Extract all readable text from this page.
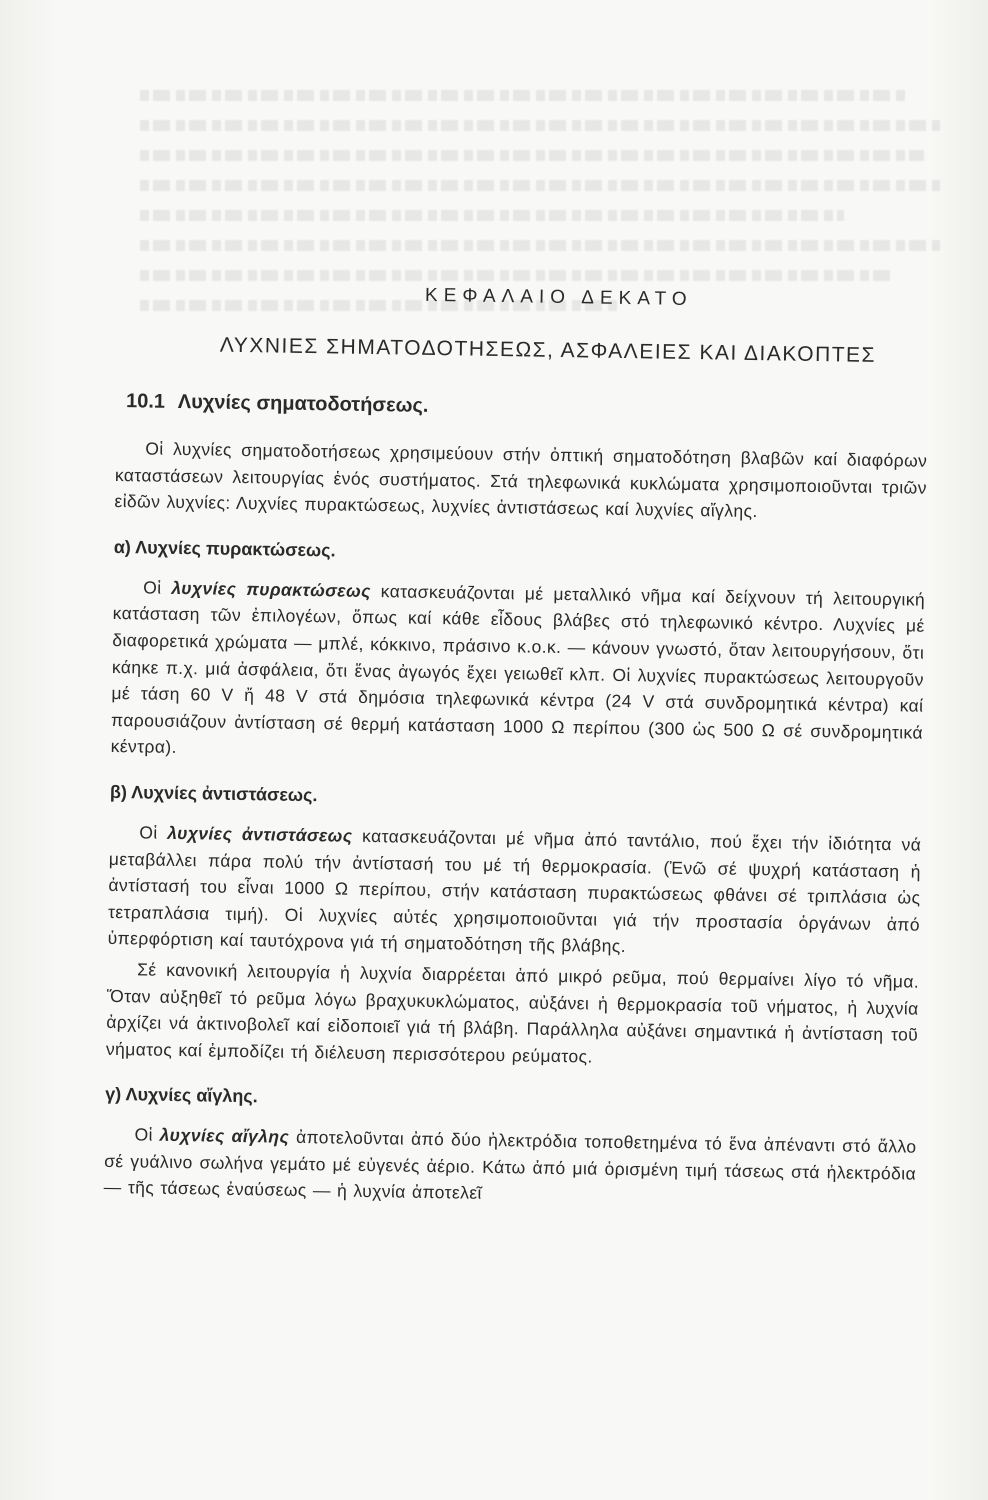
ΚΕΦΑΛΑΙΟ ΔΕΚΑΤΟ
ΛΥΧΝΙΕΣ ΣΗΜΑΤΟΔΟΤΗΣΕΩΣ, ΑΣΦΑΛΕΙΕΣ ΚΑΙ ΔΙΑΚΟΠΤΕΣ
10.1 Λυχνίες σηματοδοτήσεως.

Οἱ λυχνίες σηματοδοτήσεως χρησιμεύουν στήν ὀπτική σηματοδότηση βλαβῶν καί διαφόρων καταστάσεων λειτουργίας ἑνός συστήματος. Στά τηλεφωνικά κυκλώματα χρησιμοποιοῦνται τριῶν εἰδῶν λυχνίες: Λυχνίες πυρακτώσεως, λυχνίες ἀντιστάσεως καί λυχνίες αἴγλης.

α) Λυχνίες πυρακτώσεως.

Οἱ λυχνίες πυρακτώσεως κατασκευάζονται μέ μεταλλικό νῆμα καί δείχνουν τή λειτουργική κατάσταση τῶν ἐπιλογέων, ὅπως καί κάθε εἶδους βλάβες στό τηλεφωνικό κέντρο. Λυχνίες μέ διαφορετικά χρώματα — μπλέ, κόκκινο, πράσινο κ.ο.κ. — κάνουν γνωστό, ὅταν λειτουργήσουν, ὅτι κάηκε π.χ. μιά ἀσφάλεια, ὅτι ἕνας ἀγωγός ἔχει γειωθεῖ κλπ. Οἱ λυχνίες πυρακτώσεως λειτουργοῦν μέ τάση 60 V ἤ 48 V στά δημόσια τηλεφωνικά κέντρα (24 V στά συνδρομητικά κέντρα) καί παρουσιάζουν ἀντίσταση σέ θερμή κατάσταση 1000 Ω περίπου (300 ὡς 500 Ω σέ συνδρομητικά κέντρα).

β) Λυχνίες ἀντιστάσεως.

Οἱ λυχνίες ἀντιστάσεως κατασκευάζονται μέ νῆμα ἀπό ταντάλιο, πού ἔχει τήν ἰδιότητα νά μεταβάλλει πάρα πολύ τήν ἀντίστασή του μέ τή θερμοκρασία. (Ἐνῶ σέ ψυχρή κατάσταση ἡ ἀντίστασή του εἶναι 1000 Ω περίπου, στήν κατάσταση πυρακτώσεως φθάνει σέ τριπλάσια ὡς τετραπλάσια τιμή). Οἱ λυχνίες αὐτές χρησιμοποιοῦνται γιά τήν προστασία ὀργάνων ἀπό ὑπερφόρτιση καί ταυτόχρονα γιά τή σηματοδότηση τῆς βλάβης.

Σέ κανονική λειτουργία ἡ λυχνία διαρρέεται ἀπό μικρό ρεῦμα, πού θερμαίνει λίγο τό νῆμα. Ὅταν αὐξηθεῖ τό ρεῦμα λόγω βραχυκυκλώματος, αὐξάνει ἡ θερμοκρασία τοῦ νήματος, ἡ λυχνία ἀρχίζει νά ἀκτινοβολεῖ καί εἰδοποιεῖ γιά τή βλάβη. Παράλληλα αὐξάνει σημαντικά ἡ ἀντίσταση τοῦ νήματος καί ἐμποδίζει τή διέλευση περισσότερου ρεύματος.

γ) Λυχνίες αἴγλης.

Οἱ λυχνίες αἴγλης ἀποτελοῦνται ἀπό δύο ἠλεκτρόδια τοποθετημένα τό ἕνα ἀπέναντι στό ἄλλο σέ γυάλινο σωλήνα γεμάτο μέ εὐγενές ἀέριο. Κάτω ἀπό μιά ὁρισμένη τιμή τάσεως στά ἠλεκτρόδια — τῆς τάσεως ἐναύσεως — ἡ λυχνία ἀποτελεῖ
